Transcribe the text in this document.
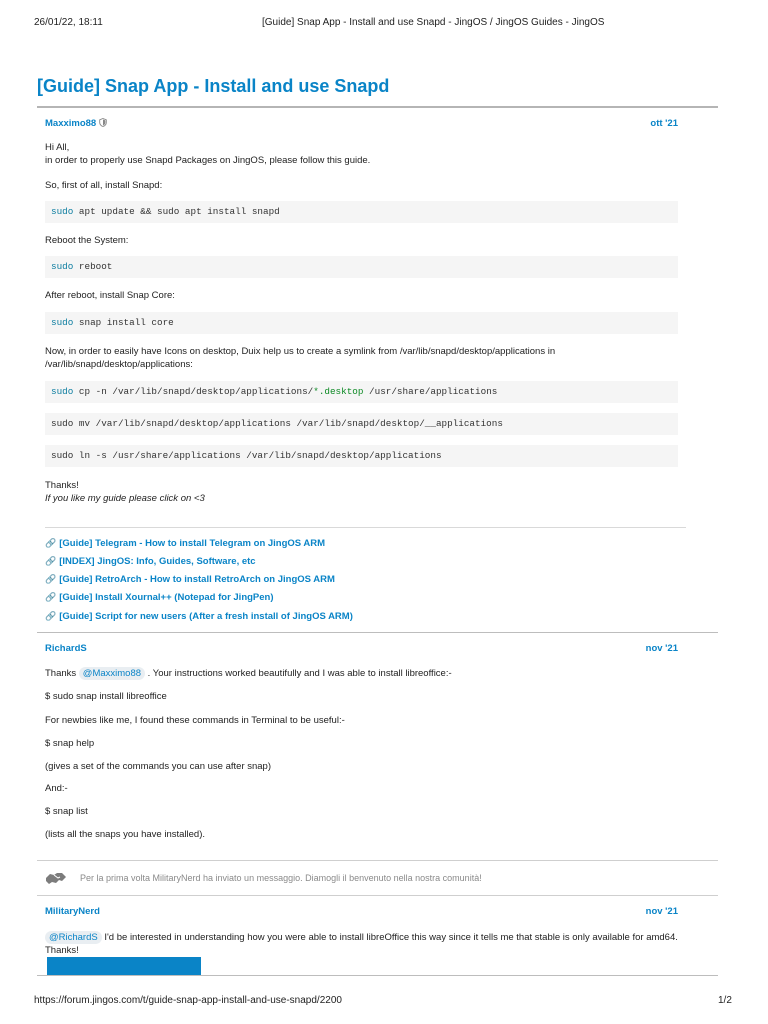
26/01/22, 18:11	[Guide] Snap App - Install and use Snapd - JingOS / JingOS Guides - JingOS
[Guide] Snap App - Install and use Snapd
Maxximo88	ott '21
Hi All,
in order to properly use Snapd Packages on JingOS, please follow this guide.
So, first of all, install Snapd:
sudo apt update && sudo apt install snapd
Reboot the System:
sudo reboot
After reboot, install Snap Core:
sudo snap install core
Now, in order to easily have Icons on desktop, Duix help us to create a symlink from /var/lib/snapd/desktop/applications in /var/lib/snapd/desktop/applications:
sudo cp -n /var/lib/snapd/desktop/applications/*.desktop /usr/share/applications
sudo mv /var/lib/snapd/desktop/applications /var/lib/snapd/desktop/__applications
sudo ln -s /usr/share/applications /var/lib/snapd/desktop/applications
Thanks!
If you like my guide please click on <3
🔗 [Guide] Telegram - How to install Telegram on JingOS ARM
🔗 [INDEX] JingOS: Info, Guides, Software, etc
🔗 [Guide] RetroArch - How to install RetroArch on JingOS ARM
🔗 [Guide] Install Xournal++ (Notepad for JingPen)
🔗 [Guide] Script for new users (After a fresh install of JingOS ARM)
RichardS	nov '21
Thanks @Maxximo88 . Your instructions worked beautifully and I was able to install libreoffice:-
$ sudo snap install libreoffice
For newbies like me, I found these commands in Terminal to be useful:-
$ snap help
(gives a set of the commands you can use after snap)
And:-
$ snap list
(lists all the snaps you have installed).
Per la prima volta MilitaryNerd ha inviato un messaggio. Diamogli il benvenuto nella nostra comunità!
MilitaryNerd	nov '21
@RichardS I'd be interested in understanding how you were able to install libreOffice this way since it tells me that stable is only available for amd64. Thanks!
https://forum.jingos.com/t/guide-snap-app-install-and-use-snapd/2200	1/2
